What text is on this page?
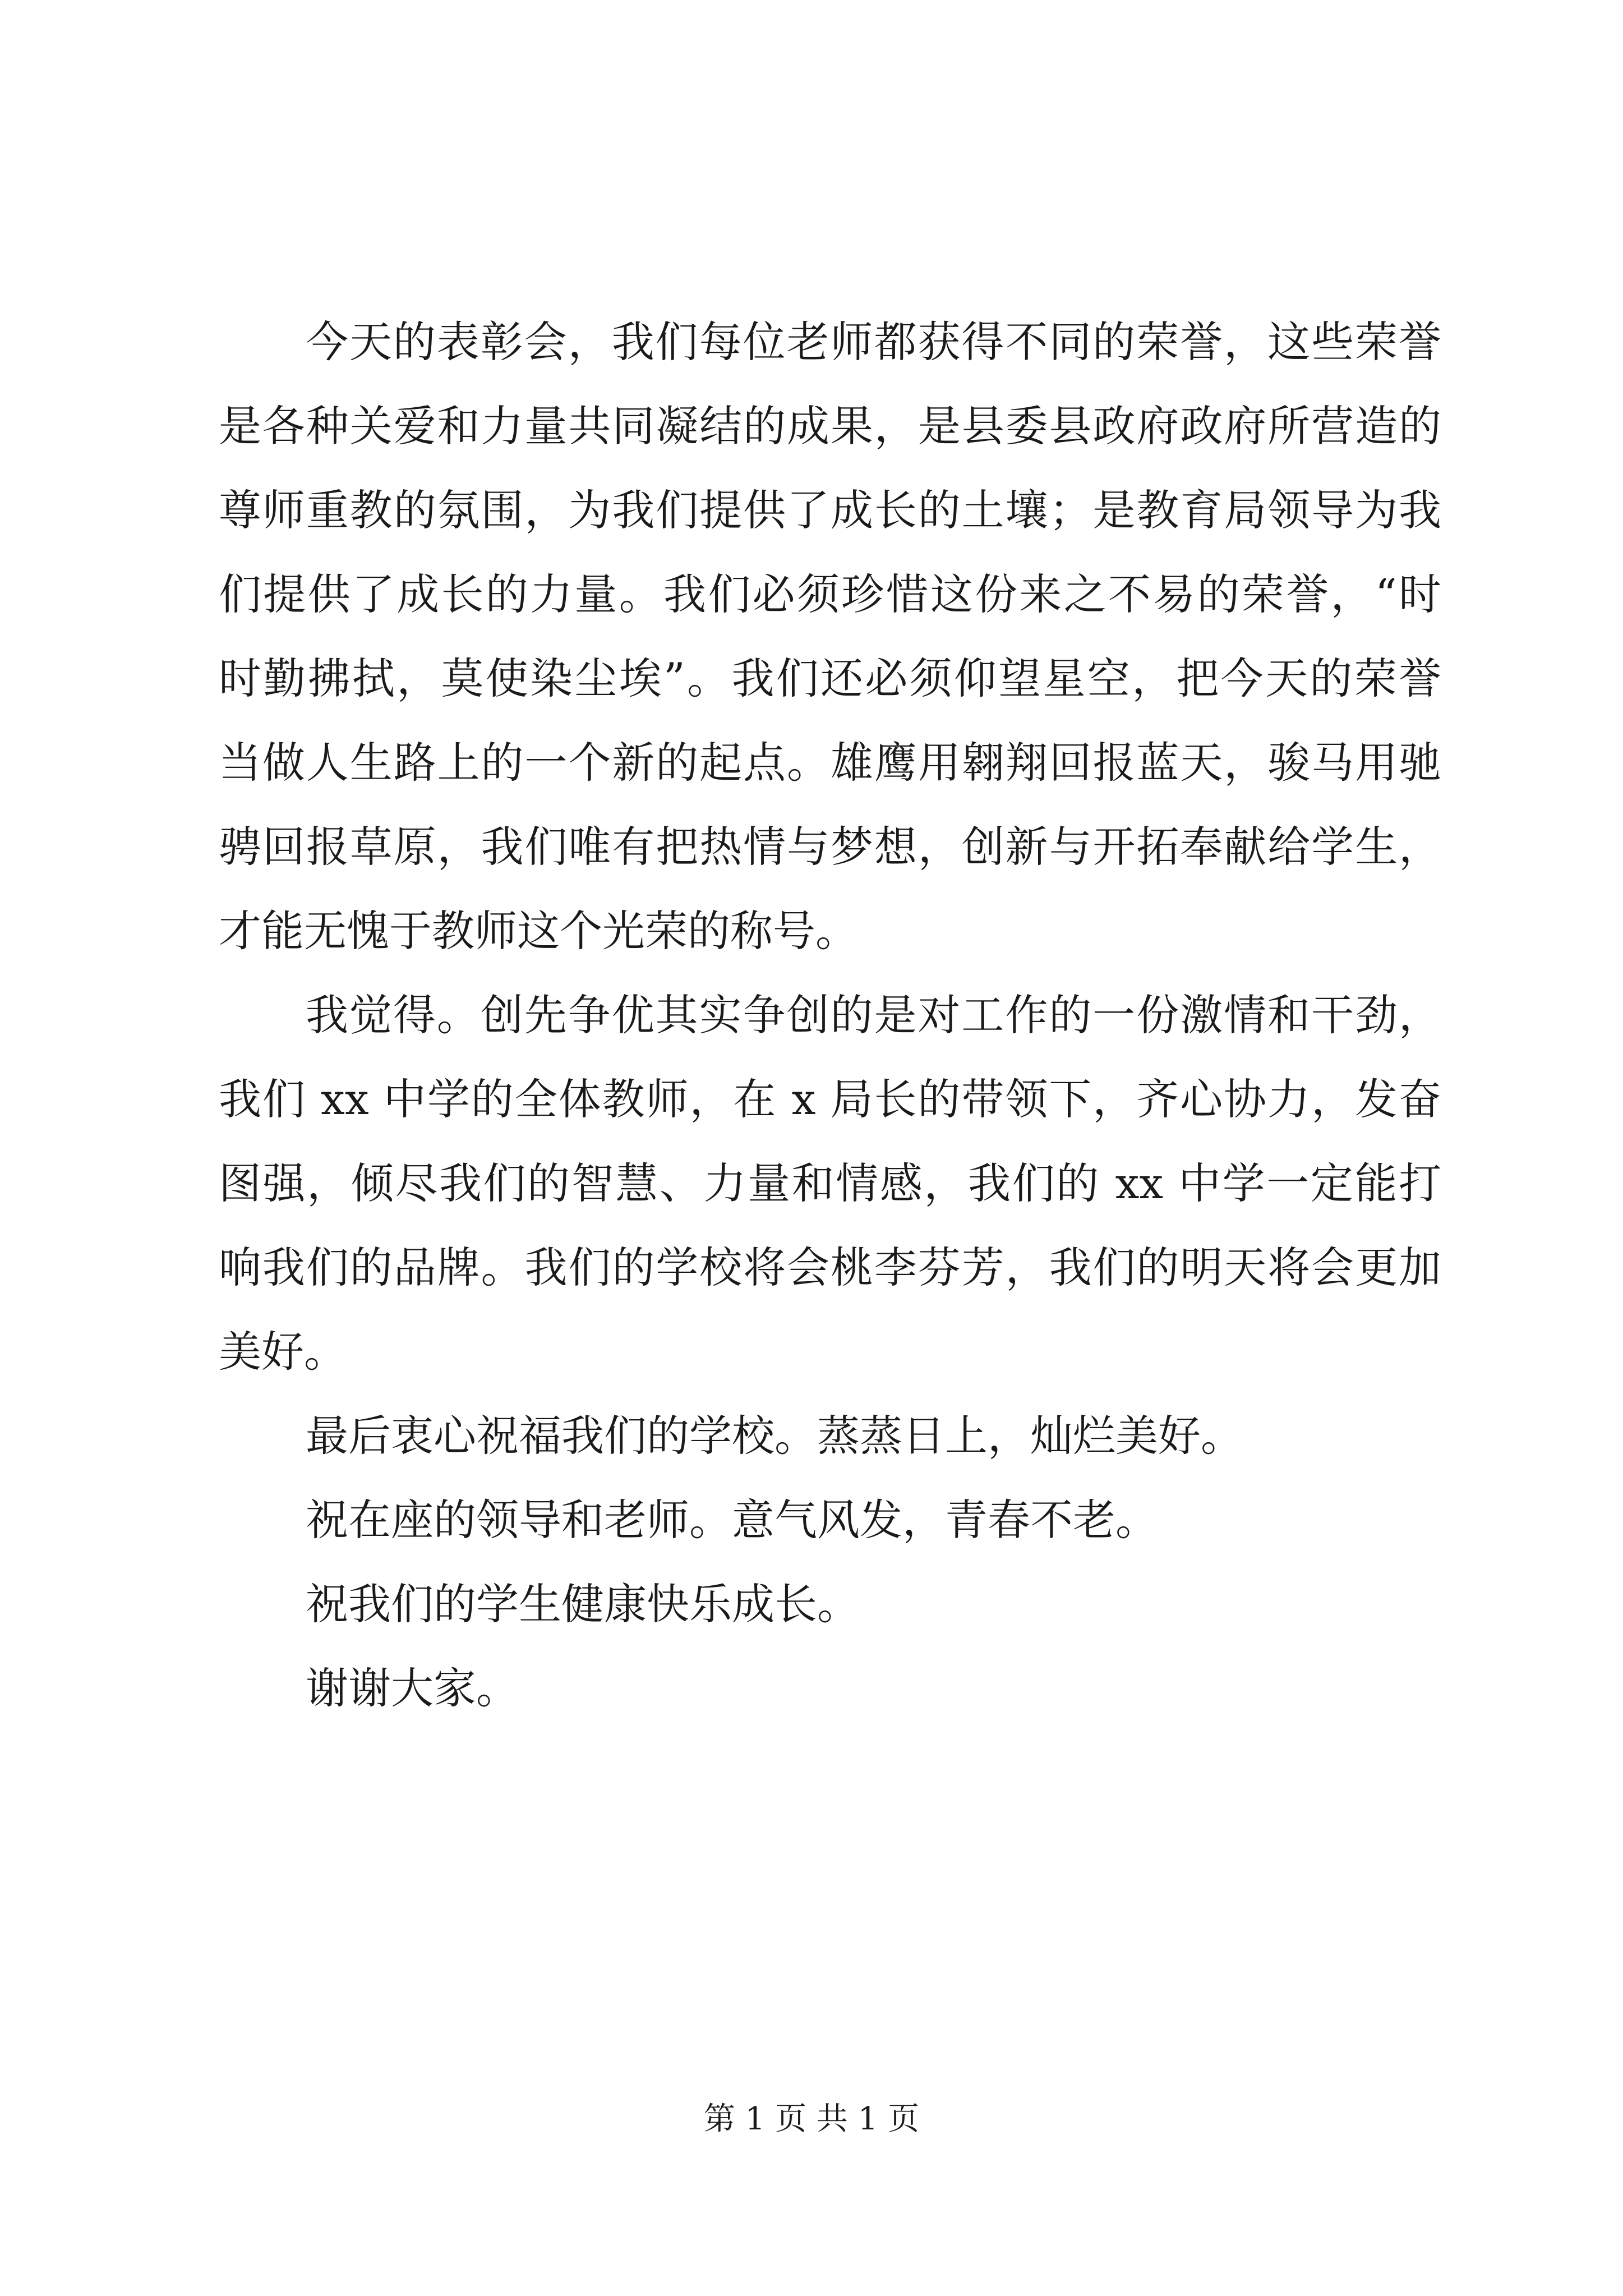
今天的表彰会，我们每位老师都获得不同的荣誉，这些荣誉
是各种关爱和力量共同凝结的成果，是县委县政府政府所营造的
尊师重教的氛围，为我们提供了成长的土壤；是教育局领导为我
们提供了成长的力量。我们必须珍惜这份来之不易的荣誉，“时
时勤拂拭，莫使染尘埃”。我们还必须仰望星空，把今天的荣誉
当做人生路上的一个新的起点。雄鹰用翱翔回报蓝天，骏马用驰
骋回报草原，我们唯有把热情与梦想，创新与开拓奉献给学生，
才能无愧于教师这个光荣的称号。
我觉得。创先争优其实争创的是对工作的一份激情和干劲，
我们 xx 中学的全体教师，在 x 局长的带领下，齐心协力，发奋
图强，倾尽我们的智慧、力量和情感，我们的 xx 中学一定能打
响我们的品牌。我们的学校将会桃李芬芳，我们的明天将会更加
美好。
最后衷心祝福我们的学校。蒸蒸日上，灿烂美好。
祝在座的领导和老师。意气风发，青春不老。
祝我们的学生健康快乐成长。
谢谢大家。
第 1 页 共 1 页
